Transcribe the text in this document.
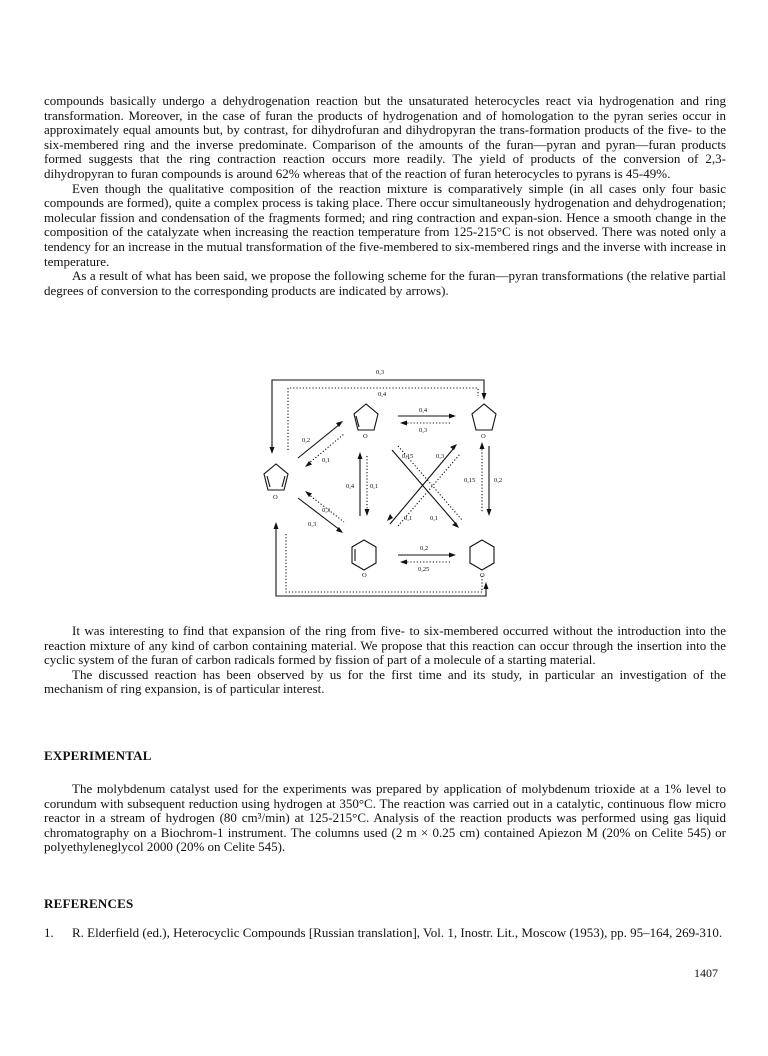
compounds basically undergo a dehydrogenation reaction but the unsaturated heterocycles react via hydrogenation and ring transformation. Moreover, in the case of furan the products of hydrogenation and of homologation to the pyran series occur in approximately equal amounts but, by contrast, for dihydrofuran and dihydropyran the trans-formation products of the five- to the six-membered ring and the inverse predominate. Comparison of the amounts of the furan—pyran and pyran—furan products formed suggests that the ring contraction reaction occurs more readily. The yield of products of the conversion of 2,3-dihydropyran to furan compounds is around 62% whereas that of the reaction of furan heterocycles to pyrans is 45-49%.

Even though the qualitative composition of the reaction mixture is comparatively simple (in all cases only four basic compounds are formed), quite a complex process is taking place. There occur simultaneously hydrogenation and dehydrogenation; molecular fission and condensation of the fragments formed; and ring contraction and expan-sion. Hence a smooth change in the composition of the catalyzate when increasing the reaction temperature from 125-215°C is not observed. There was noted only a tendency for an increase in the mutual transformation of the five-membered to six-membered rings and the inverse with increase in temperature.

As a result of what has been said, we propose the following scheme for the furan—pyran transformations (the relative partial degrees of conversion to the corresponding products are indicated by arrows).

0,3
0,4
O	O
O
O	O
0,4
0,3
0,2
0,1
0,3
0,3
0,4 0,1
0,15	0,3
0,1	0,1
0,15	0,2
0,2
0,25

It was interesting to find that expansion of the ring from five- to six-membered occurred without the introduction into the reaction mixture of any kind of carbon containing material. We propose that this reaction can occur through the insertion into the cyclic system of the furan of carbon radicals formed by fission of part of a molecule of a starting material.

The discussed reaction has been observed by us for the first time and its study, in particular an investigation of the mechanism of ring expansion, is of particular interest.

EXPERIMENTAL

The molybdenum catalyst used for the experiments was prepared by application of molybdenum trioxide at a 1% level to corundum with subsequent reduction using hydrogen at 350°C. The reaction was carried out in a catalytic, continuous flow micro reactor in a stream of hydrogen (80 cm³/min) at 125-215°C. Analysis of the reaction products was performed using gas liquid chromatography on a Biochrom-1 instrument. The columns used (2 m × 0.25 cm) contained Apiezon M (20% on Celite 545) or polyethyleneglycol 2000 (20% on Celite 545).

REFERENCES
1.	R. Elderfield (ed.), Heterocyclic Compounds [Russian translation], Vol. 1, Inostr. Lit., Moscow (1953), pp. 95–164, 269-310.
1407
